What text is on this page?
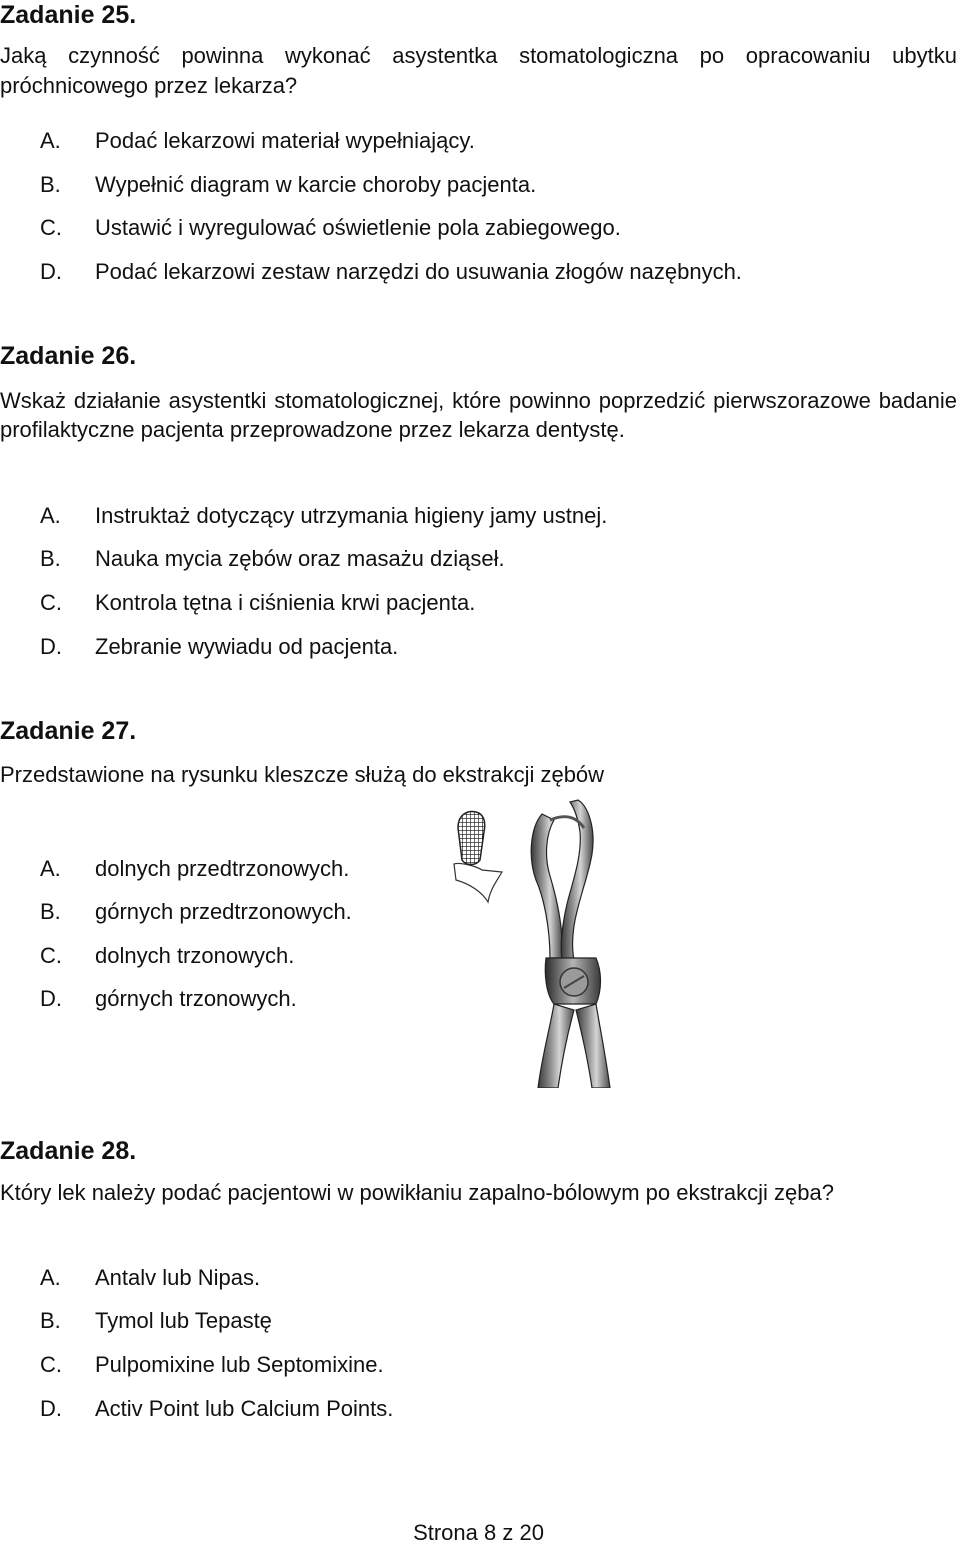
Zadanie 25.
Jaką czynność powinna wykonać asystentka stomatologiczna po opracowaniu ubytku próchnicowego przez lekarza?
A. Podać lekarzowi materiał wypełniający.
B. Wypełnić diagram w karcie choroby pacjenta.
C. Ustawić i wyregulować oświetlenie pola zabiegowego.
D. Podać lekarzowi zestaw narzędzi do usuwania złogów nazębnych.
Zadanie 26.
Wskaż działanie asystentki stomatologicznej, które powinno poprzedzić pierwszorazowe badanie profilaktyczne pacjenta przeprowadzone przez lekarza dentystę.
A. Instruktaż dotyczący utrzymania higieny jamy ustnej.
B. Nauka mycia zębów oraz masażu dziąseł.
C. Kontrola tętna i ciśnienia krwi pacjenta.
D. Zebranie wywiadu od pacjenta.
Zadanie 27.
Przedstawione na rysunku kleszcze służą do ekstrakcji zębów
A. dolnych przedtrzonowych.
B. górnych przedtrzonowych.
C. dolnych trzonowych.
D. górnych trzonowych.
Zadanie 28.
Który lek należy podać pacjentowi w powikłaniu zapalno-bólowym po ekstrakcji zęba?
A. Antalv lub Nipas.
B. Tymol lub Tepastę
C. Pulpomixine lub Septomixine.
D. Activ Point lub Calcium Points.
Strona 8 z 20
